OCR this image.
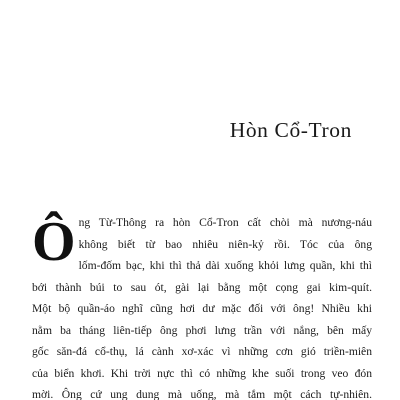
Hòn Cổ-Tron
Ô ng Từ-Thông ra hòn Cổ-Tron cất chòi mà nương-náu
không biết từ bao nhiêu niên-kỷ rồi. Tóc của ông
lốm-đốm bạc, khi thì thả dài xuống khỏi lưng quần, khi thì
bới thành búi to sau ót, gài lại bằng một cọng gai kim-quít.
Một bộ quần-áo nghĩ cũng hơi dư mặc đối với ông! Nhiều khi
nằm ba tháng liên-tiếp ông phơi lưng trần với nắng, bên mấy
gốc săn-đá cổ-thụ, lá cành xơ-xác vì những cơn gió triền-miên
của biển khơi. Khi trời nực thì có những khe suối trong veo đón
mời. Ông cứ ung dung mà uống, mà tắm một cách tự-nhiên.
